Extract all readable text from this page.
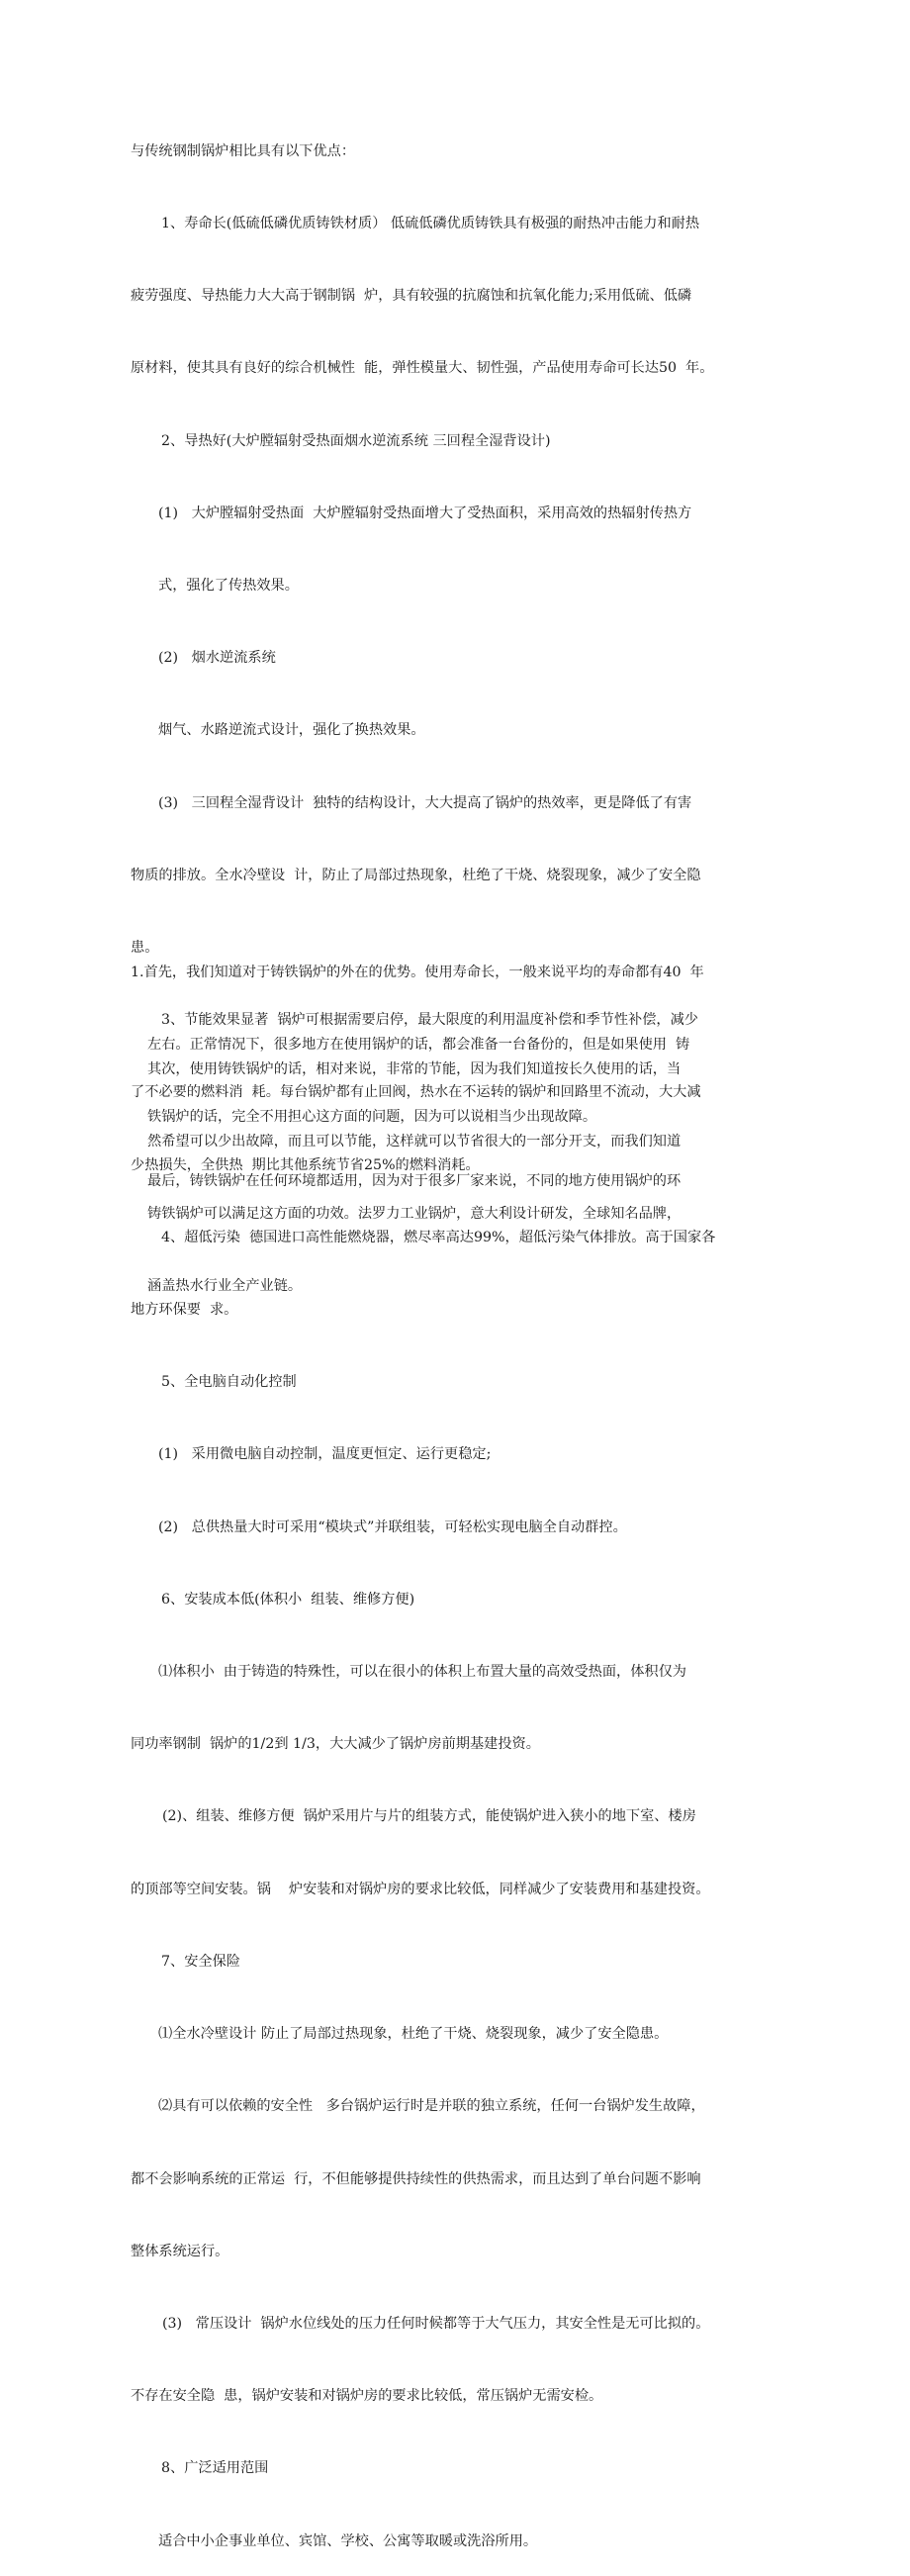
与传统钢制锅炉相比具有以下优点：

1、寿命长(低硫低磷优质铸铁材质） 低硫低磷优质铸铁具有极强的耐热冲击能力和耐热

疲劳强度、导热能力大大高于钢制锅  炉，具有较强的抗腐蚀和抗氧化能力;采用低硫、低磷

原材料，使其具有良好的综合机械性  能，弹性模量大、韧性强，产品使用寿命可长达50  年。

2、导热好(大炉膛辐射受热面烟水逆流系统 三回程全湿背设计)

(1)   大炉膛辐射受热面  大炉膛辐射受热面增大了受热面积，采用高效的热辐射传热方

式，强化了传热效果。

(2)   烟水逆流系统

烟气、水路逆流式设计，强化了换热效果。

(3)   三回程全湿背设计  独特的结构设计，大大提高了锅炉的热效率，更是降低了有害

物质的排放。全水冷壁设  计，防止了局部过热现象，杜绝了干烧、烧裂现象，减少了安全隐

患。

3、节能效果显著  锅炉可根据需要启停，最大限度的利用温度补偿和季节性补偿，减少

了不必要的燃料消  耗。每台锅炉都有止回阀，热水在不运转的锅炉和回路里不流动，大大减

少热损失，全供热  期比其他系统节省25%的燃料消耗。

4、超低污染  德国进口高性能燃烧器，燃尽率高达99%，超低污染气体排放。高于国家各

地方环保要  求。

5、全电脑自动化控制

(1)   采用微电脑自动控制，温度更恒定、运行更稳定;

(2)   总供热量大时可采用“模块式”并联组装，可轻松实现电脑全自动群控。

6、安装成本低(体积小  组装、维修方便)

⑴体积小  由于铸造的特殊性，可以在很小的体积上布置大量的高效受热面，体积仅为

同功率钢制  锅炉的1/2到 1/3，大大减少了锅炉房前期基建投资。

(2)、组装、维修方便  锅炉采用片与片的组装方式，能使锅炉进入狭小的地下室、楼房

的顶部等空间安装。锅    炉安装和对锅炉房的要求比较低，同样减少了安装费用和基建投资。

7、安全保险

⑴全水冷壁设计 防止了局部过热现象，杜绝了干烧、烧裂现象，减少了安全隐患。

⑵具有可以依赖的安全性   多台锅炉运行时是并联的独立系统，任何一台锅炉发生故障，

都不会影响系统的正常运  行，不但能够提供持续性的供热需求，而且达到了单台问题不影响

整体系统运行。

(3)   常压设计  锅炉水位线处的压力任何时候都等于大气压力，其安全性是无可比拟的。

不存在安全隐  患，锅炉安装和对锅炉房的要求比较低，常压锅炉无需安检。

8、广泛适用范围

适合中小企事业单位、宾馆、学校、公寓等取暖或洗浴所用。

1.首先，我们知道对于铸铁锅炉的外在的优势。使用寿命长，一般来说平均的寿命都有40  年

左右。正常情况下，很多地方在使用锅炉的话，都会准备一台备份的，但是如果使用  铸

铁锅炉的话，完全不用担心这方面的问题，因为可以说相当少出现故障。

其次，使用铸铁锅炉的话，相对来说，非常的节能，因为我们知道按长久使用的话，当

然希望可以少出故障，而且可以节能，这样就可以节省很大的一部分开支，而我们知道

铸铁锅炉可以满足这方面的功效。法罗力工业锅炉，意大利设计研发，全球知名品牌，

涵盖热水行业全产业链。

最后，铸铁锅炉在任何环境都适用，因为对于很多厂家来说，不同的地方使用锅炉的环
